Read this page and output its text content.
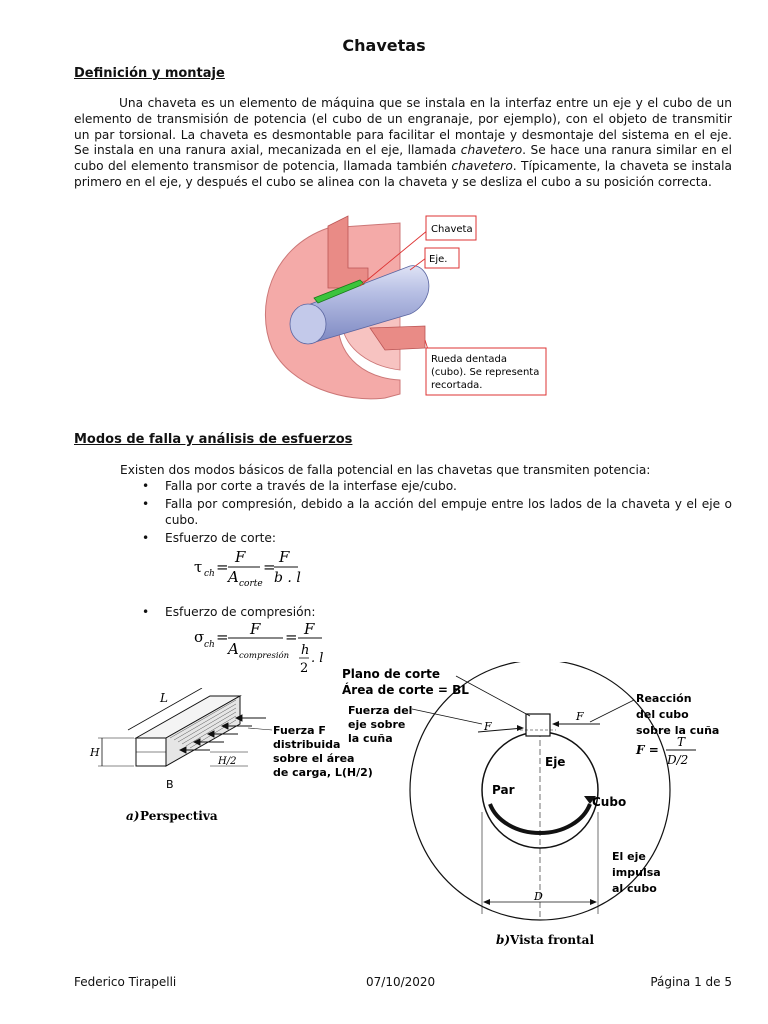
Chavetas
Definición y montaje
Una chaveta es un elemento de máquina que se instala en la interfaz entre un eje y el cubo de un elemento de transmisión de potencia (el cubo de un engranaje, por ejemplo), con el objeto de transmitir un par torsional. La chaveta es desmontable para facilitar el montaje y desmontaje del sistema en el eje. Se instala en una ranura axial, mecanizada en el eje, llamada chavetero. Se hace una ranura similar en el cubo del elemento transmisor de potencia, llamada también chavetero. Típicamente, la chaveta se instala primero en el eje, y después el cubo se alinea con la chaveta y se desliza el cubo a su posición correcta.
Chaveta
Eje.
Rueda dentada
(cubo). Se representa
recortada.
Modos de falla y análisis de esfuerzos
Existen dos modos básicos de falla potencial en las chavetas que transmiten potencia:
• Falla por corte a través de la interfase eje/cubo.
• Falla por compresión, debido a la acción del empuje entre los lados de la chaveta y el eje o cubo.
• Esfuerzo de corte:
τ ch =
F
A corte
=
F
b . l
• Esfuerzo de compresión:
σ ch = F
A compresión
= F
h
2
. l
L
H
Fuerza F
distribuida
sobre el área
de carga, L(H/2)
H/2
B
a) Perspectiva
F
F
Plano de corte
Área de corte = BL
Fuerza del
eje sobre
la cuña
Reacción
del cubo
sobre la cuña
F =
T
D/2
Eje
Par
Cubo
El eje
impulsa
al cubo
D
b) Vista frontal
Federico Tirapelli	07/10/2020	Página 1 de 5
